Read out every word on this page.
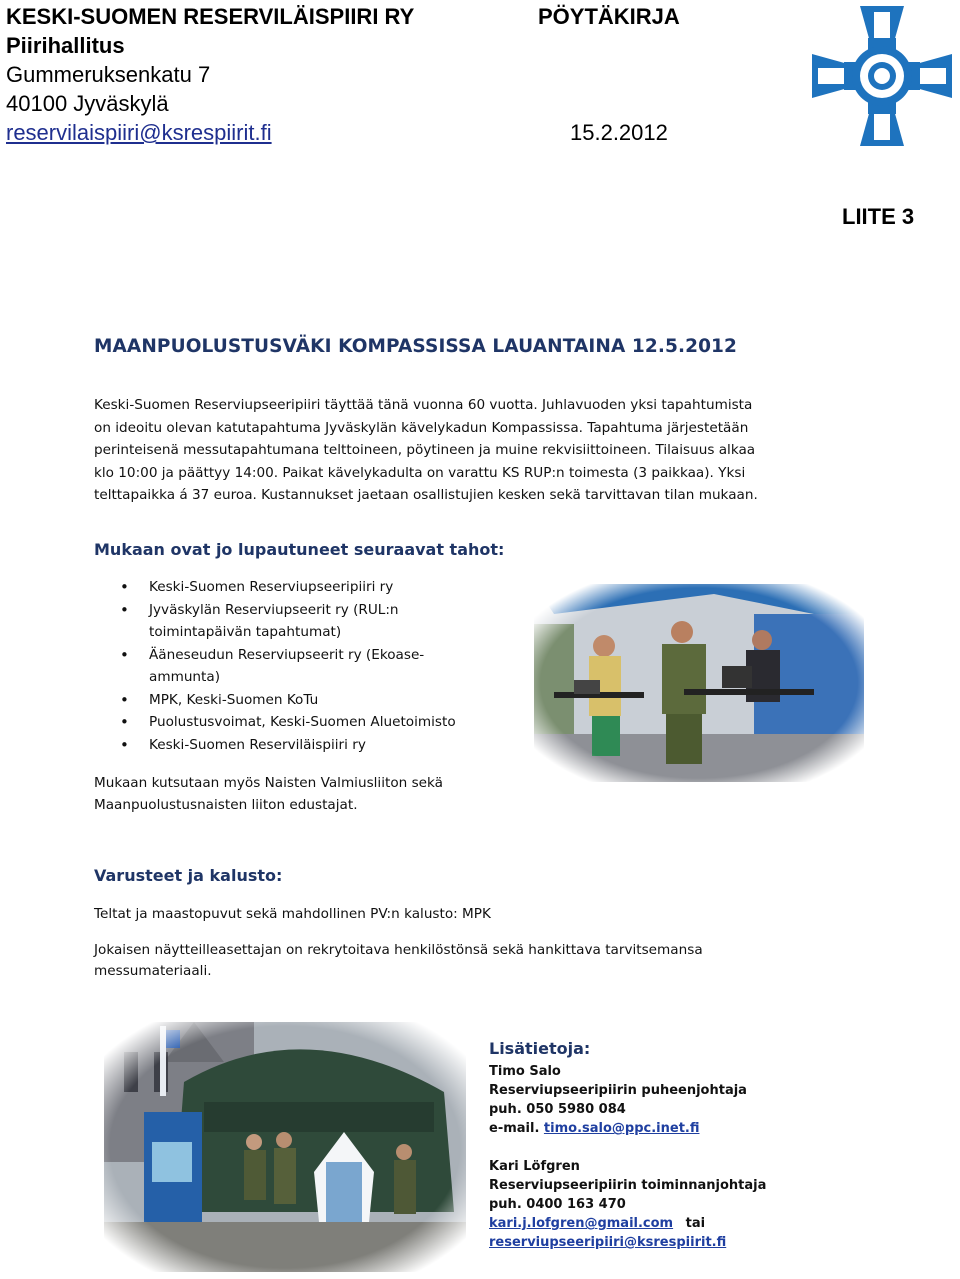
KESKI-SUOMEN RESERVILÄISPIIRI RY
Piirihallitus
Gummeruksenkatu 7
40100 Jyväskylä
reservilaispiiri@ksrespiirit.fi
PÖYTÄKIRJA
15.2.2012
LIITE 3
MAANPUOLUSTUSVÄKI KOMPASSISSA LAUANTAINA 12.5.2012
Keski-Suomen Reserviupseeripiiri täyttää tänä vuonna 60 vuotta. Juhlavuoden yksi tapahtumista
on ideoitu olevan katutapahtuma Jyväskylän kävelykadun Kompassissa. Tapahtuma järjestetään
perinteisenä messutapahtumana telttoineen, pöytineen ja muine rekvisiittoineen. Tilaisuus alkaa
klo 10:00 ja päättyy 14:00. Paikat kävelykadulta on varattu KS RUP:n toimesta (3 paikkaa). Yksi
telttapaikka á 37 euroa. Kustannukset jaetaan osallistujien kesken sekä tarvittavan tilan mukaan.
Mukaan ovat jo lupautuneet seuraavat tahot:
• Keski-Suomen Reserviupseeripiiri ry
• Jyväskylän Reserviupseerit ry (RUL:n toimintapäivän tapahtumat)
• Ääneseudun Reserviupseerit ry (Ekoase-ammunta)
• MPK, Keski-Suomen KoTu
• Puolustusvoimat, Keski-Suomen Aluetoimisto
• Keski-Suomen Reserviläispiiri ry
Mukaan kutsutaan myös Naisten Valmiusliiton sekä
Maanpuolustusnaisten liiton edustajat.
Varusteet ja kalusto:
Teltat ja maastopuvut sekä mahdollinen PV:n kalusto: MPK
Jokaisen näytteilleasettajan on rekrytoitava henkilöstönsä sekä hankittava tarvitsemansa
messumateriaali.
Lisätietoja:
Timo Salo
Reserviupseeripiirin puheenjohtaja
puh. 050 5980 084
e-mail. timo.salo@ppc.inet.fi
Kari Löfgren
Reserviupseeripiirin toiminnanjohtaja
puh. 0400 163 470
kari.j.lofgren@gmail.com tai
reserviupseeripiiri@ksrespiirit.fi
